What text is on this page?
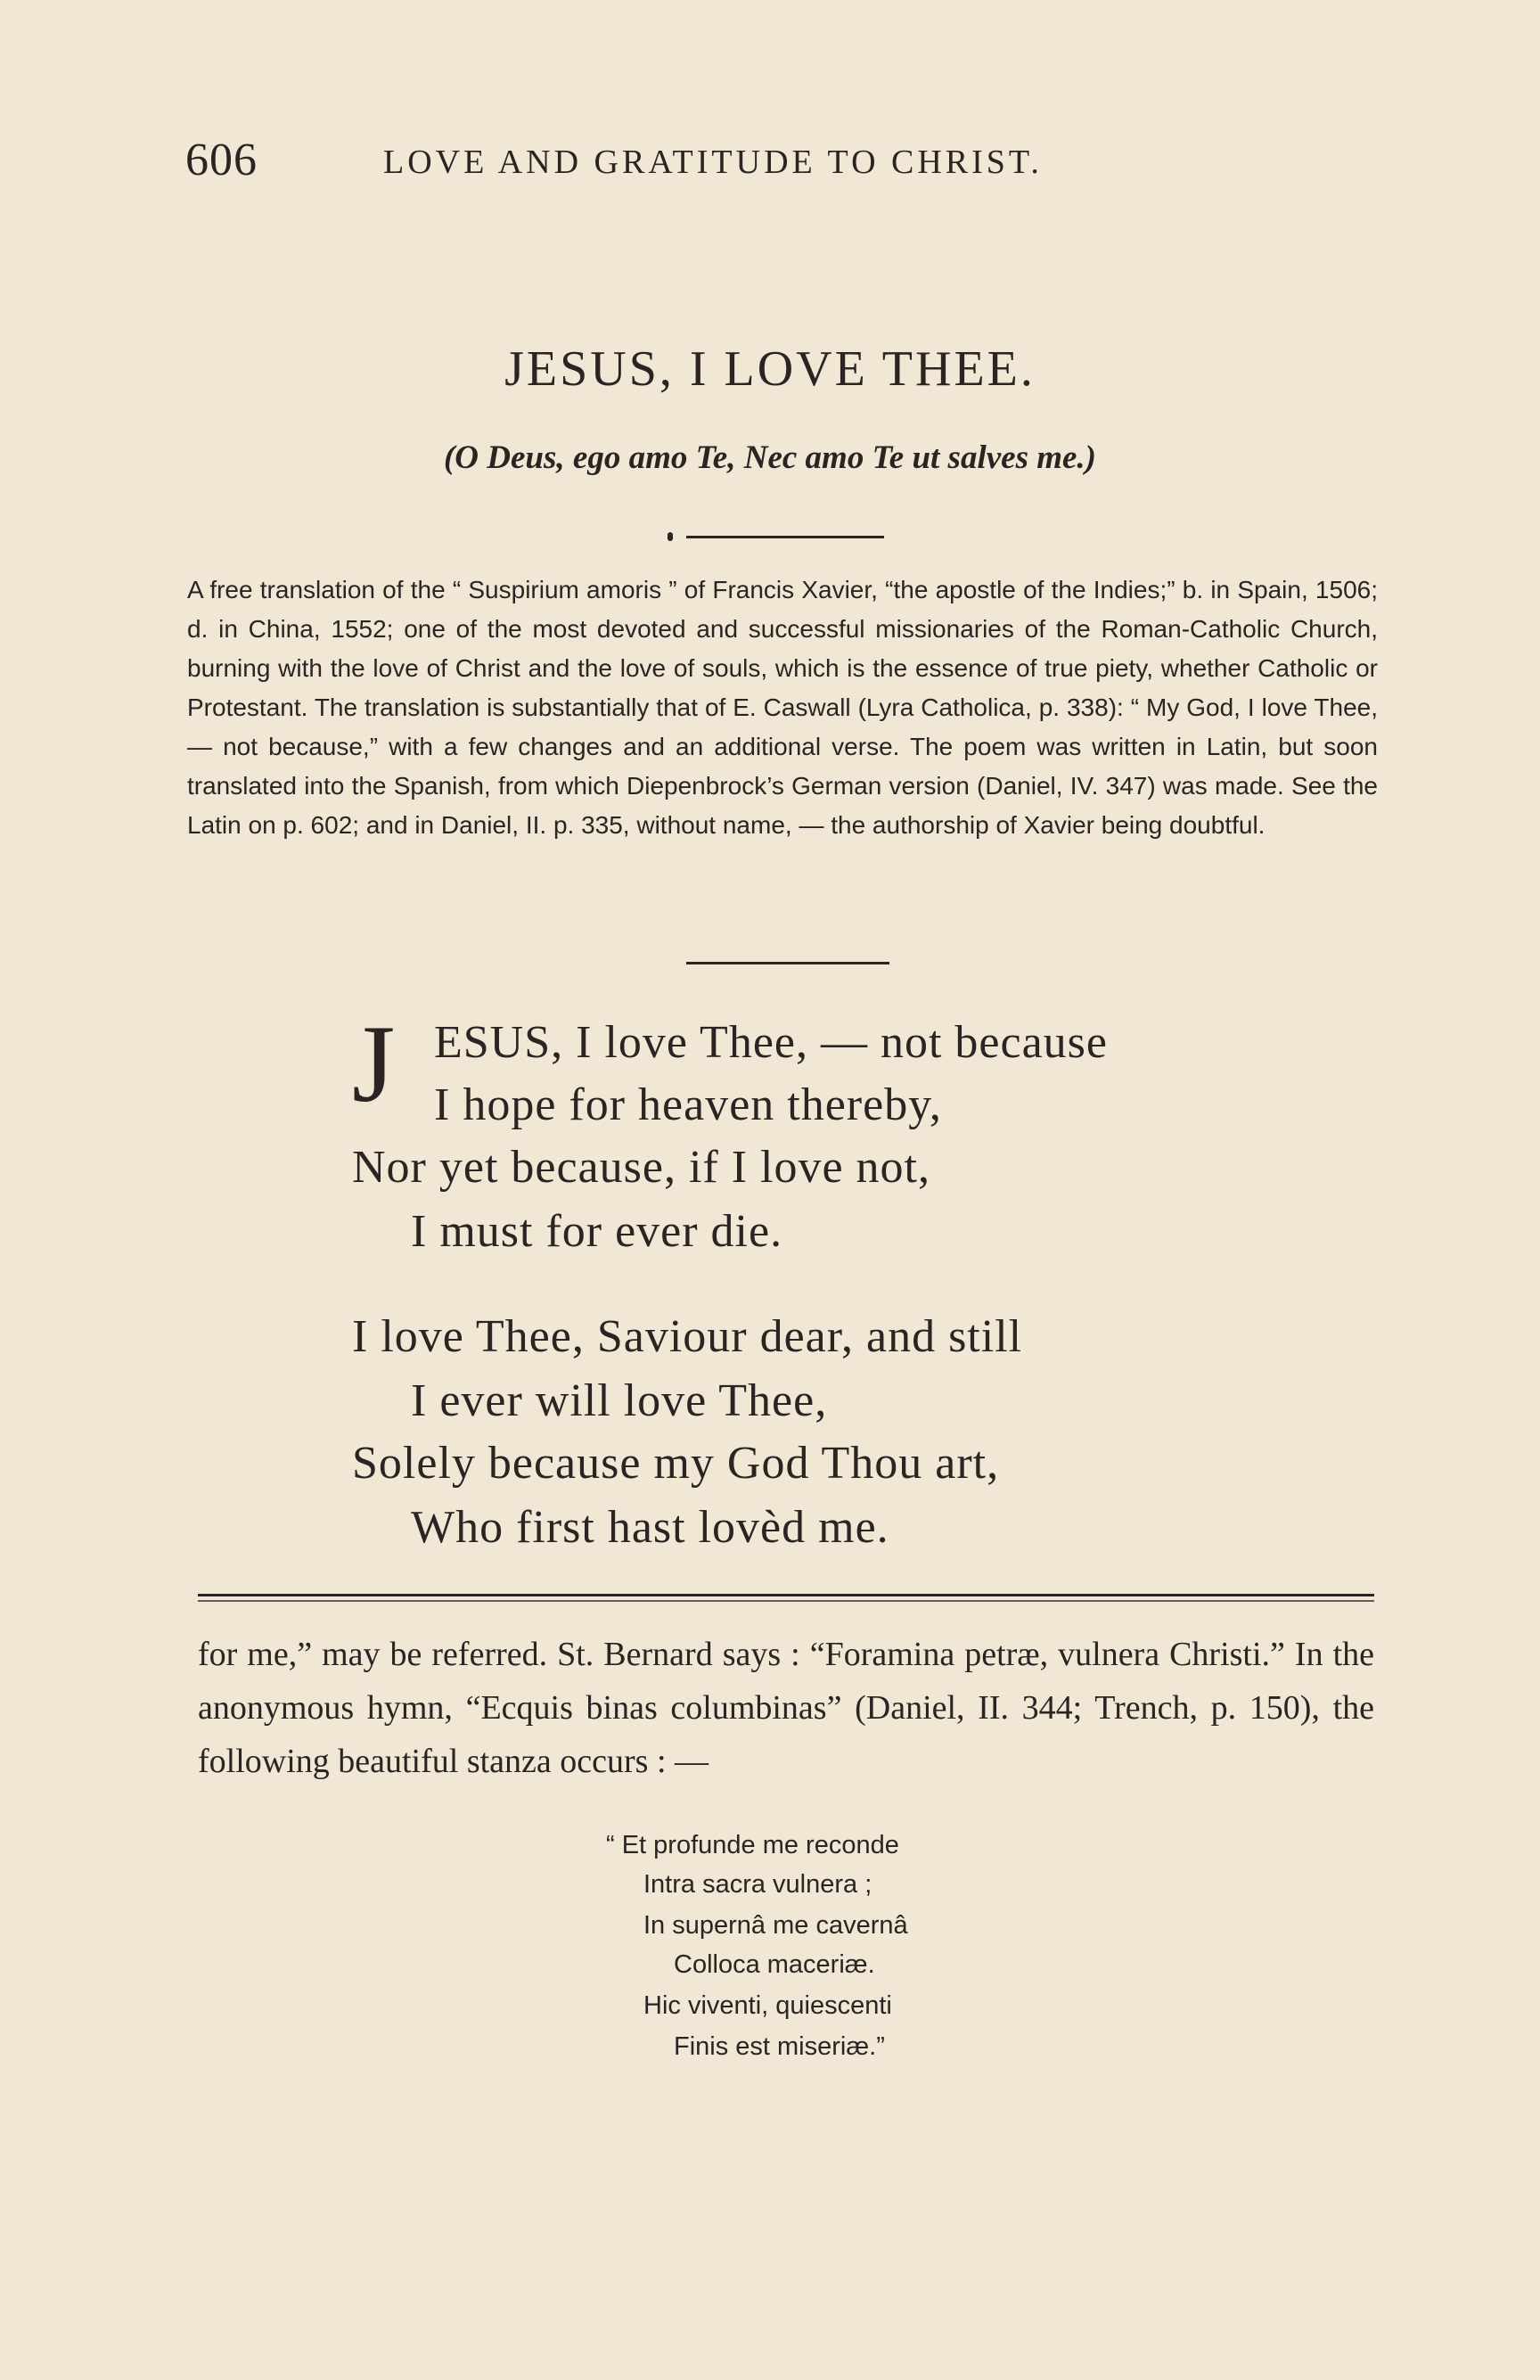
606	LOVE AND GRATITUDE TO CHRIST.
JESUS, I LOVE THEE.
(O Deus, ego amo Te, Nec amo Te ut salves me.)

A free translation of the “ Suspirium amoris ” of Francis Xavier, “the apostle of the Indies;” b. in Spain, 1506; d. in China, 1552; one of the most devoted and successful missionaries of the Roman-Catholic Church, burning with the love of Christ and the love of souls, which is the essence of true piety, whether Catholic or Protestant. The translation is substantially that of E. Caswall (Lyra Catholica, p. 338): “ My God, I love Thee, — not because,” with a few changes and an additional verse. The poem was written in Latin, but soon translated into the Spanish, from which Diepenbrock’s German version (Daniel, IV. 347) was made. See the Latin on p. 602; and in Daniel, II. p. 335, without name, — the authorship of Xavier being doubtful.

J ESUS, I love Thee, — not because
I hope for heaven thereby,
Nor yet because, if I love not,
I must for ever die.
I love Thee, Saviour dear, and still
I ever will love Thee,
Solely because my God Thou art,
Who first hast lovèd me.

for me,” may be referred. St. Bernard says : “Foramina petræ, vulnera Christi.” In the anonymous hymn, “Ecquis binas columbinas” (Daniel, II. 344; Trench, p. 150), the following beautiful stanza occurs : —

“ Et profunde me reconde
Intra sacra vulnera ;
In supernâ me cavernâ
Colloca maceriæ.
Hic viventi, quiescenti
Finis est miseriæ.”
